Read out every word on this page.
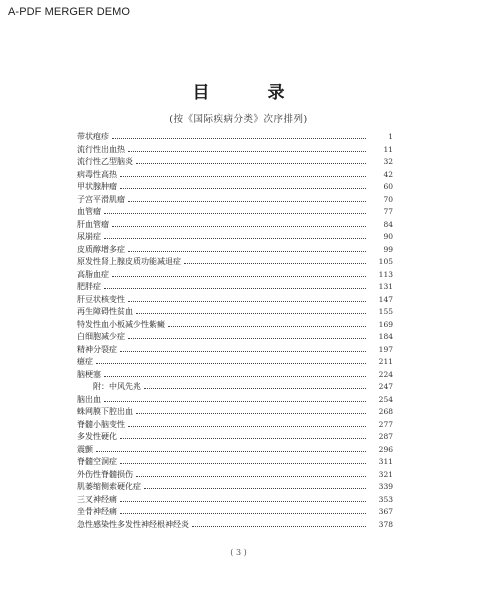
A-PDF MERGER DEMO
目 录
(按《国际疾病分类》次序排列)
带状疱疹	1
流行性出血热	11
流行性乙型脑炎	32
病毒性高热	42
甲状腺肿瘤	60
子宫平滑肌瘤	70
血管瘤	77
肝血管瘤	84
尿崩症	90
皮质醇增多症	99
原发性肾上腺皮质功能减退症	105
高脂血症	113
肥胖症	131
肝豆状核变性	147
再生障碍性贫血	155
特发性血小板减少性紫癜	169
白细胞减少症	184
精神分裂症	197
癔症	211
脑梗塞	224
附：中风先兆	247
脑出血	254
蛛网膜下腔出血	268
脊髓小脑变性	277
多发性硬化	287
震颤	296
脊髓空洞症	311
外伤性脊髓损伤	321
肌萎缩侧索硬化症	339
三叉神经痛	353
坐骨神经痛	367
急性感染性多发性神经根神经炎	378
( 3 )
